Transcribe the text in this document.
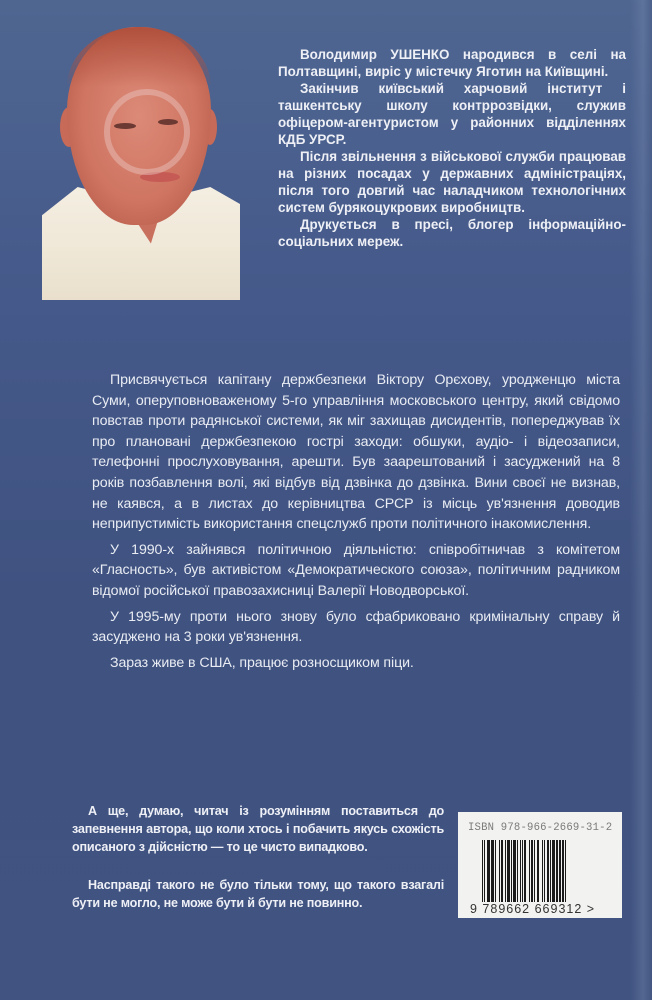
Володимир УШЕНКО народився в селі на Полтавщині, виріс у містечку Яготин на Київщині.

Закінчив київський харчовий інститут і ташкентську школу контррозвідки, служив офіцером-агентуристом у районних відділеннях КДБ УРСР.

Після звільнення з військової служби працював на різних посадах у державних адміністраціях, після того довгий час наладчиком технологічних систем бурякоцукрових виробництв.

Друкується в пресі, блогер інформаційно-соціальних мереж.

Присвячується капітану держбезпеки Віктору Орєхову, уродженцю міста Суми, оперуповноваженому 5-го управління московського центру, який свідомо повстав проти радянської системи, як міг захищав дисидентів, попереджував їх про плановані держбезпекою гострі заходи: обшуки, аудіо- і відеозаписи, телефонні прослуховування, арешти. Був заарештований і засуджений на 8 років позбавлення волі, які відбув від дзвінка до дзвінка. Вини своєї не визнав, не каявся, а в листах до керівництва СРСР із місць ув'язнення доводив неприпустимість використання спецслужб проти політичного інакомислення.

У 1990-х зайнявся політичною діяльністю: співробітничав з комітетом «Гласность», був активістом «Демократического союза», політичним радником відомої російської правозахисниці Валерії Новодворської.

У 1995-му проти нього знову було сфабриковано кримінальну справу й засуджено на 3 роки ув'язнення.

Зараз живе в США, працює розносщиком піци.

А ще, думаю, читач із розумінням поставиться до запевнення автора, що коли хтось і побачить якусь схожість описаного з дійсністю — то це чисто випадково.

Насправді такого не було тільки тому, що такого взагалі бути не могло, не може бути й бути не повинно.

ISBN 978-966-2669-31-2
9 789662 669312 >
